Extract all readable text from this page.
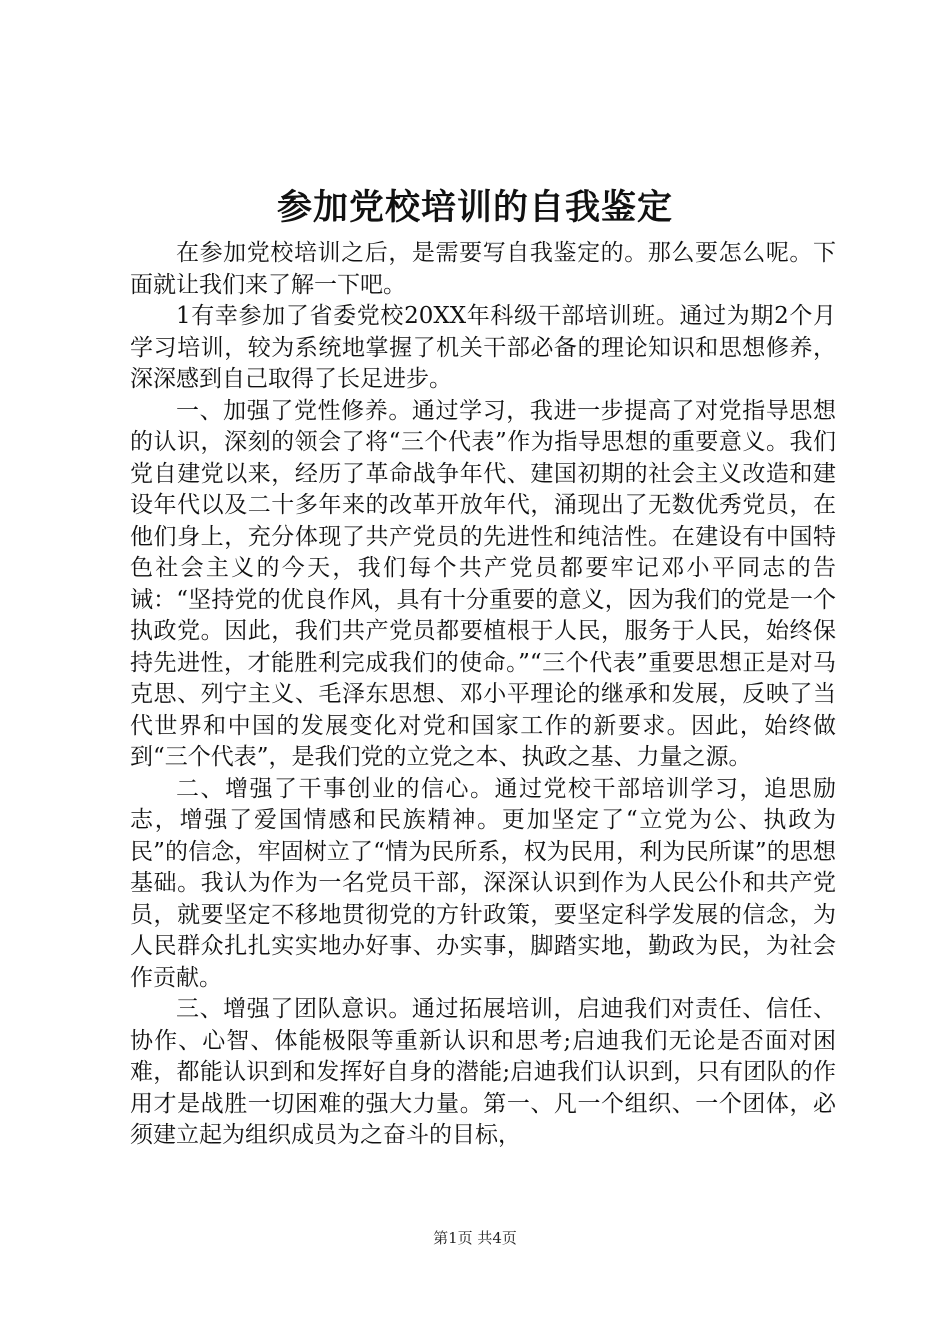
参加党校培训的自我鉴定

在参加党校培训之后，是需要写自我鉴定的。那么要怎么呢。下面就让我们来了解一下吧。

1有幸参加了省委党校20XX年科级干部培训班。通过为期2个月学习培训，较为系统地掌握了机关干部必备的理论知识和思想修养，深深感到自己取得了长足进步。

一、加强了党性修养。通过学习，我进一步提高了对党指导思想的认识，深刻的领会了将“三个代表”作为指导思想的重要意义。我们党自建党以来，经历了革命战争年代、建国初期的社会主义改造和建设年代以及二十多年来的改革开放年代，涌现出了无数优秀党员，在他们身上，充分体现了共产党员的先进性和纯洁性。在建设有中国特色社会主义的今天，我们每个共产党员都要牢记邓小平同志的告诫：“坚持党的优良作风，具有十分重要的意义，因为我们的党是一个执政党。因此，我们共产党员都要植根于人民，服务于人民，始终保持先进性，才能胜利完成我们的使命。”“三个代表”重要思想正是对马克思、列宁主义、毛泽东思想、邓小平理论的继承和发展，反映了当代世界和中国的发展变化对党和国家工作的新要求。因此，始终做到“三个代表”，是我们党的立党之本、执政之基、力量之源。

二、增强了干事创业的信心。通过党校干部培训学习，追思励志，增强了爱国情感和民族精神。更加坚定了“立党为公、执政为民”的信念，牢固树立了“情为民所系，权为民用，利为民所谋”的思想基础。我认为作为一名党员干部，深深认识到作为人民公仆和共产党员，就要坚定不移地贯彻党的方针政策，要坚定科学发展的信念，为人民群众扎扎实实地办好事、办实事，脚踏实地，勤政为民，为社会作贡献。

三、增强了团队意识。通过拓展培训，启迪我们对责任、信任、协作、心智、体能极限等重新认识和思考;启迪我们无论是否面对困难，都能认识到和发挥好自身的潜能;启迪我们认识到，只有团队的作用才是战胜一切困难的强大力量。第一、凡一个组织、一个团体，必须建立起为组织成员为之奋斗的目标，

第1页 共4页
